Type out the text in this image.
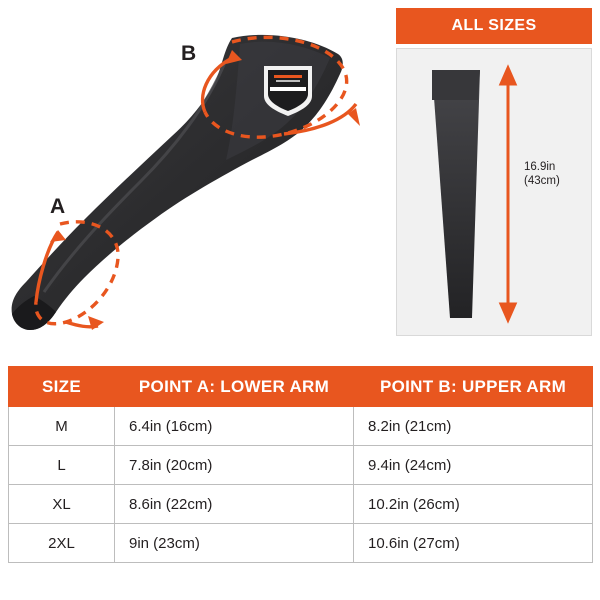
A
B
ALL SIZES
16.9in (43cm)
SIZE	POINT A: LOWER ARM	POINT B: UPPER ARM
M	6.4in (16cm)	8.2in (21cm)
L	7.8in (20cm)	9.4in (24cm)
XL	8.6in (22cm)	10.2in (26cm)
2XL	9in (23cm)	10.6in (27cm)
